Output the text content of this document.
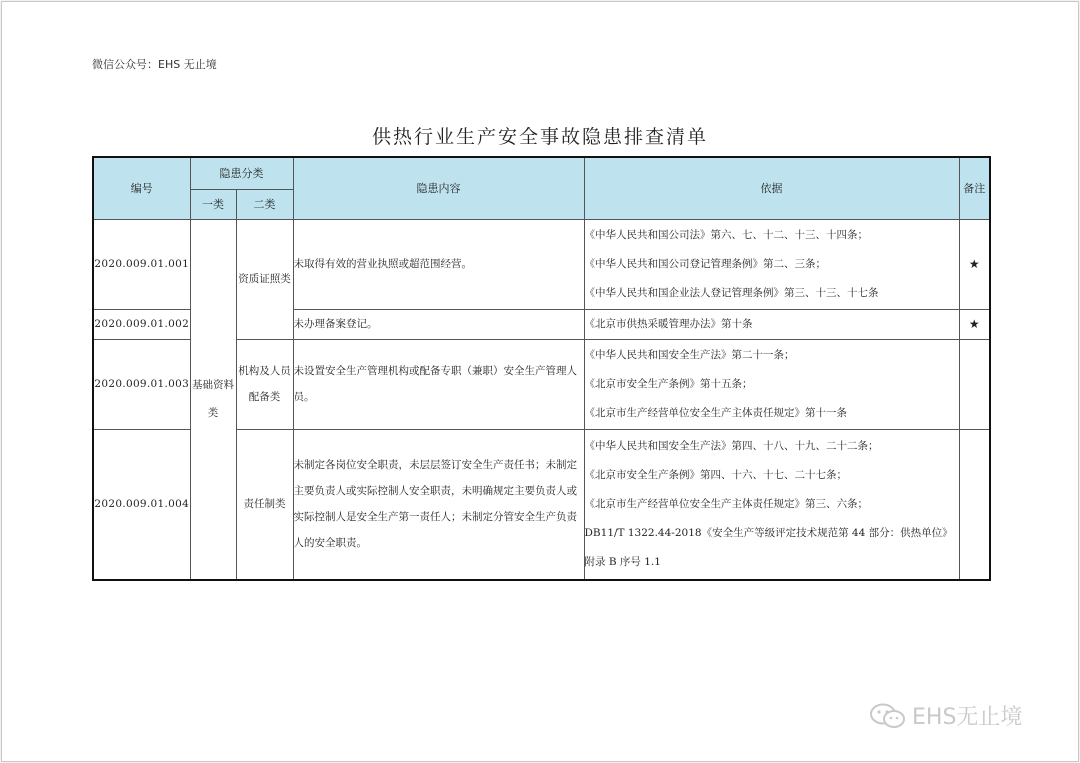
微信公众号：EHS 无止境
供热行业生产安全事故隐患排查清单
编号	隐患分类		隐患内容	依据	备注
	一类	二类			
2020.009.01.001	基础资料类	资质证照类	未取得有效的营业执照或超范围经营。	《中华人民共和国公司法》第六、七、十二、十三、十四条；
《中华人民共和国公司登记管理条例》第二、三条；
《中华人民共和国企业法人登记管理条例》第三、十三、十七条	★
2020.009.01.002			未办理备案登记。	《北京市供热采暖管理办法》第十条	★
2020.009.01.003		机构及人员配备类	未设置安全生产管理机构或配备专职（兼职）安全生产管理人员。	《中华人民共和国安全生产法》第二十一条；
《北京市安全生产条例》第十五条；
《北京市生产经营单位安全生产主体责任规定》第十一条	

2020.009.01.004		责任制类	未制定各岗位安全职责，未层层签订安全生产责任书；未制定主要负责人或实际控制人安全职责，未明确规定主要负责人或实际控制人是安全生产第一责任人；未制定分管安全生产负责人的安全职责。	《中华人民共和国安全生产法》第四、十八、十九、二十二条；
《北京市安全生产条例》第四、十六、十七、二十七条；
《北京市生产经营单位安全生产主体责任规定》第三、六条；
DB11/T 1322.44-2018《安全生产等级评定技术规范第 44 部分：供热单位》
附录 B 序号 1.1	

EHS无止境
